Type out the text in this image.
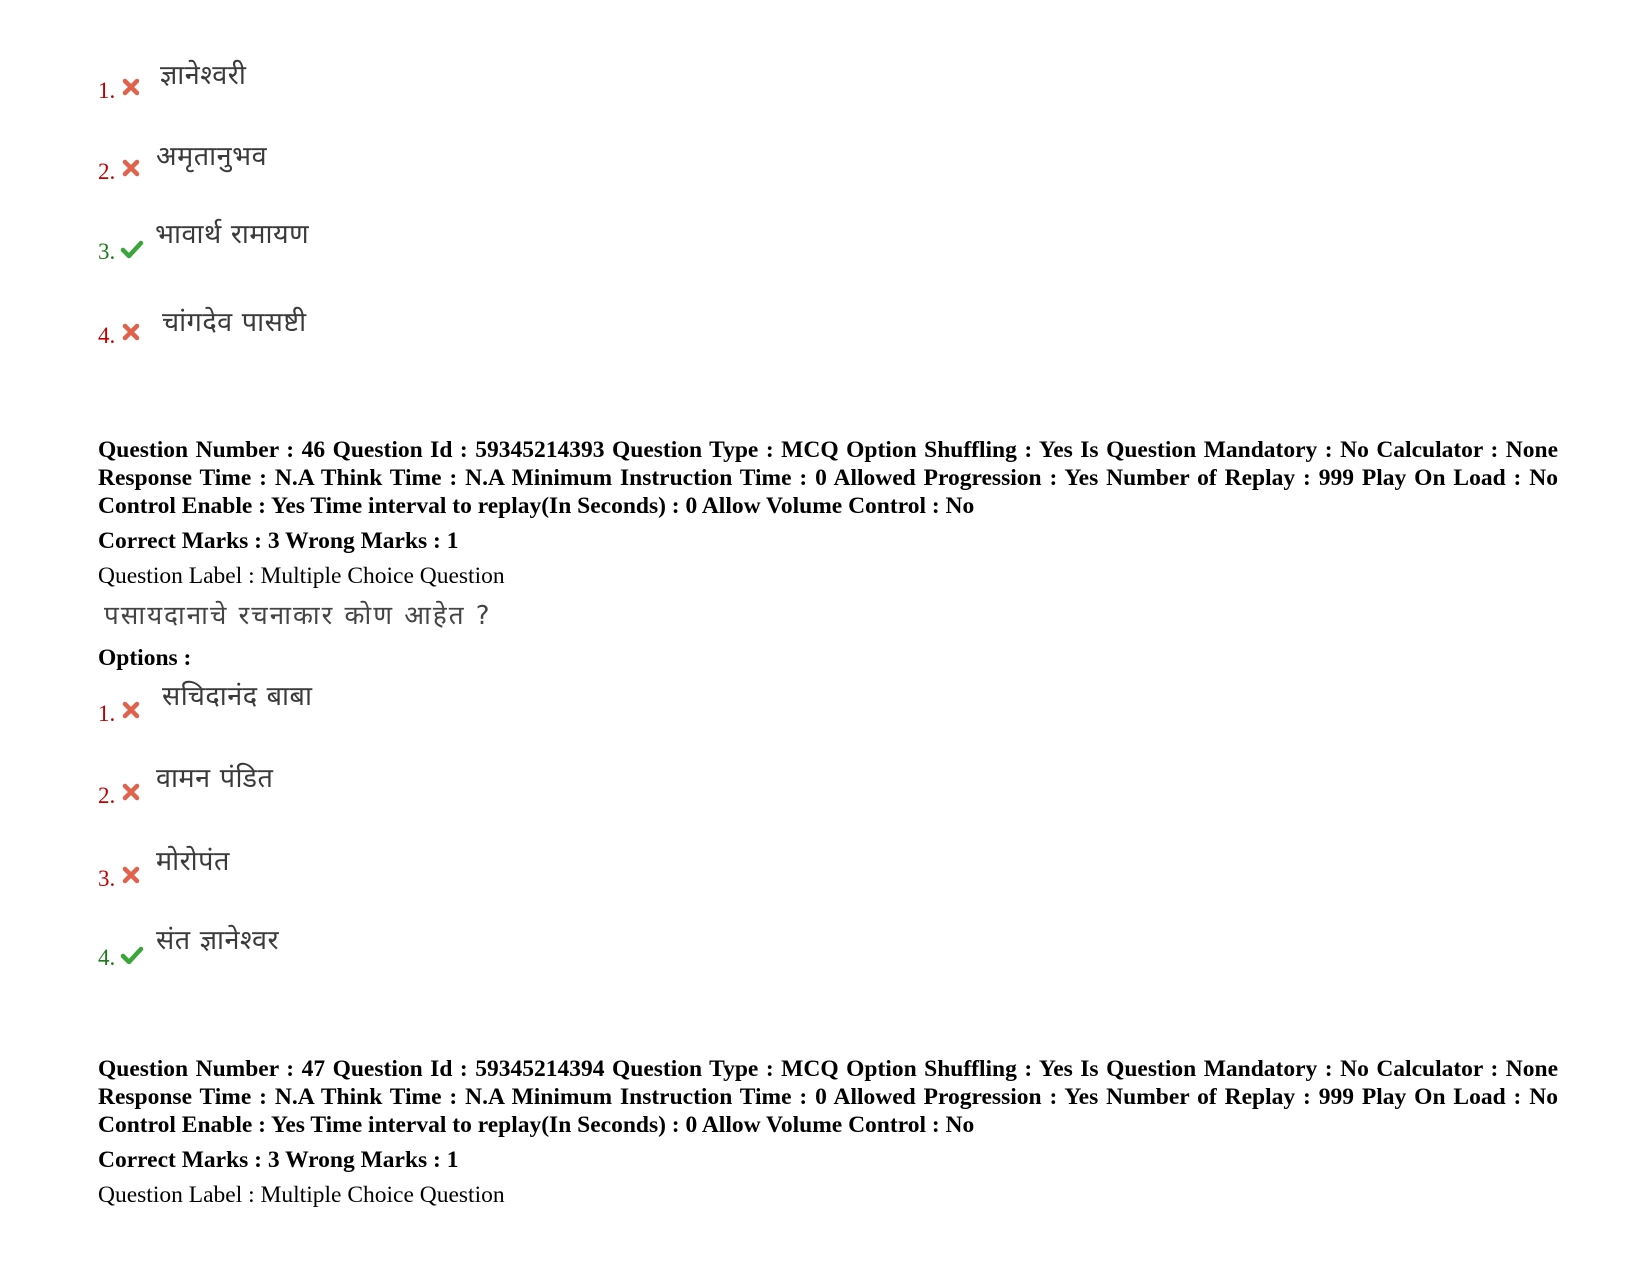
1. ज्ञानेश्वरी
2. अमृतानुभव
3.
भावार्थ रामायण
4. चांगदेव पासष्टी
Question Number : 46 Question Id : 59345214393 Question Type : MCQ Option Shuffling : Yes Is Question Mandatory : No Calculator : None Response Time : N.A Think Time : N.A Minimum Instruction Time : 0 Allowed Progression : Yes Number of Replay : 999 Play On Load : No Control Enable : Yes Time interval to replay(In Seconds) : 0 Allow Volume Control : No
Correct Marks : 3 Wrong Marks : 1
Question Label : Multiple Choice Question
पसायदानाचे रचनाकार कोण आहेत ?
Options :
1.
सचिदानंद बाबा
2.
वामन पंडित
3.
मोरोपंत
4.
संत ज्ञानेश्वर
Question Number : 47 Question Id : 59345214394 Question Type : MCQ Option Shuffling : Yes Is Question Mandatory : No Calculator : None Response Time : N.A Think Time : N.A Minimum Instruction Time : 0 Allowed Progression : Yes Number of Replay : 999 Play On Load : No Control Enable : Yes Time interval to replay(In Seconds) : 0 Allow Volume Control : No
Correct Marks : 3 Wrong Marks : 1
Question Label : Multiple Choice Question
